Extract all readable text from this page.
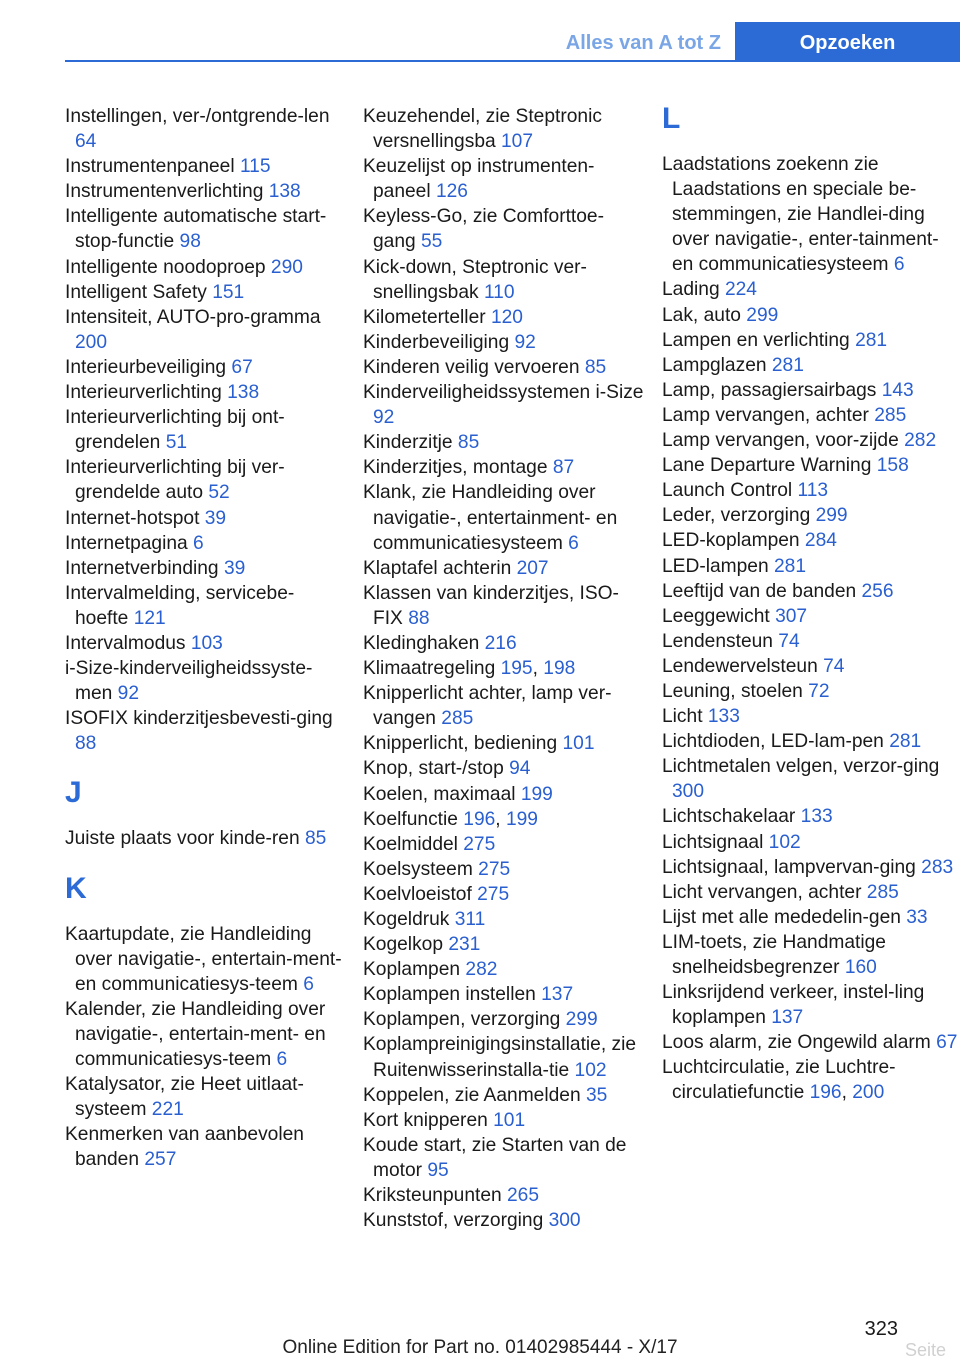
Alles van A tot Z	Opzoeken

Instellingen, ver-/ontgrende-len 64

Instrumentenpaneel 115

Instrumentenverlichting 138

Intelligente automatische start-stop-functie 98

Intelligente noodoproep 290

Intelligent Safety 151

Intensiteit, AUTO-pro-gramma 200

Interieurbeveiliging 67

Interieurverlichting 138

Interieurverlichting bij ont-grendelen 51

Interieurverlichting bij ver-grendelde auto 52

Internet-hotspot 39

Internetpagina 6

Internetverbinding 39

Intervalmelding, servicebe-hoefte 121

Intervalmodus 103

i-Size-kinderveiligheidssyste-men 92

ISOFIX kinderzitjesbevesti-ging 88

J

Juiste plaats voor kinde-ren 85

K

Kaartupdate, zie Handleiding over navigatie-, entertain-ment- en communicatiesys-teem 6

Kalender, zie Handleiding over navigatie-, entertain-ment- en communicatiesys-teem 6

Katalysator, zie Heet uitlaat-systeem 221

Kenmerken van aanbevolen banden 257

Keuzehendel, zie Steptronic versnellingsba 107

Keuzelijst op instrumenten-paneel 126

Keyless-Go, zie Comforttoe-gang 55

Kick-down, Steptronic ver-snellingsbak 110

Kilometerteller 120

Kinderbeveiliging 92

Kinderen veilig vervoeren 85

Kinderveiligheidssystemen i-Size 92

Kinderzitje 85

Kinderzitjes, montage 87

Klank, zie Handleiding over navigatie-, entertainment- en communicatiesysteem 6

Klaptafel achterin 207

Klassen van kinderzitjes, ISO-FIX 88

Kledinghaken 216

Klimaatregeling 195, 198

Knipperlicht achter, lamp ver-vangen 285

Knipperlicht, bediening 101

Knop, start-/stop 94

Koelen, maximaal 199

Koelfunctie 196, 199

Koelmiddel 275

Koelsysteem 275

Koelvloeistof 275

Kogeldruk 311

Kogelkop 231

Koplampen 282

Koplampen instellen 137

Koplampen, verzorging 299

Koplampreinigingsinstallatie, zie Ruitenwisserinstalla-tie 102

Koppelen, zie Aanmelden 35

Kort knipperen 101

Koude start, zie Starten van de motor 95

Kriksteunpunten 265

Kunststof, verzorging 300

L

Laadstations zoekenn zie Laadstations en speciale be-stemmingen, zie Handlei-ding over navigatie-, enter-tainment- en communicatiesysteem 6

Lading 224

Lak, auto 299

Lampen en verlichting 281

Lampglazen 281

Lamp, passagiersairbags 143

Lamp vervangen, achter 285

Lamp vervangen, voor-zijde 282

Lane Departure Warning 158

Launch Control 113

Leder, verzorging 299

LED-koplampen 284

LED-lampen 281

Leeftijd van de banden 256

Leeggewicht 307

Lendensteun 74

Lendewervelsteun 74

Leuning, stoelen 72

Licht 133

Lichtdioden, LED-lam-pen 281

Lichtmetalen velgen, verzor-ging 300

Lichtschakelaar 133

Lichtsignaal 102

Lichtsignaal, lampvervan-ging 283

Licht vervangen, achter 285

Lijst met alle mededelin-gen 33

LIM-toets, zie Handmatige snelheidsbegrenzer 160

Linksrijdend verkeer, instel-ling koplampen 137

Loos alarm, zie Ongewild alarm 67

Luchtcirculatie, zie Luchtre-circulatiefunctie 196, 200

323
Online Edition for Part no. 01402985444 - X/17	Seite
